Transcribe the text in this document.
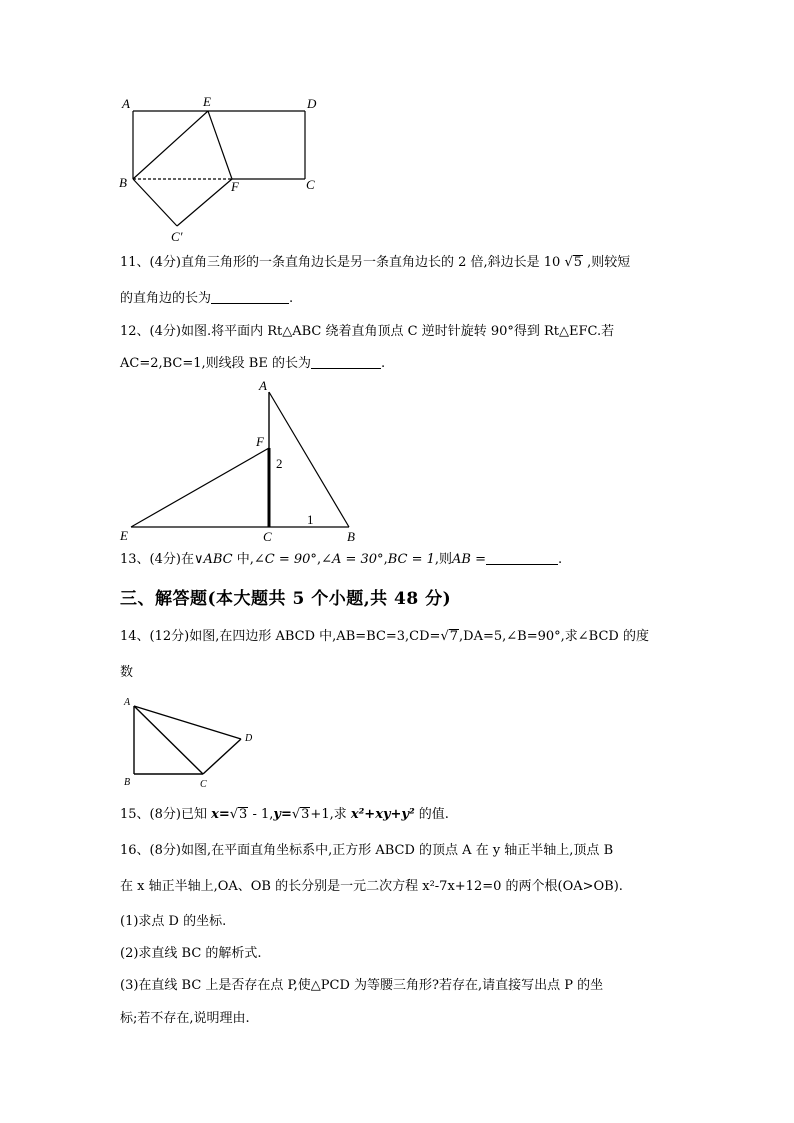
A	E	D
B	F	C
C′
11、(4分)直角三角形的一条直角边长是另一条直角边长的 2 倍,斜边长是 10 √5 ,则较短
的直角边的长为	.
12、(4分)如图.将平面内 Rt△ABC 绕着直角顶点 C 逆时针旋转 90°得到 Rt△EFC.若
AC=2,BC=1,则线段 BE 的长为	.
A
F
E	C	B
2
1
13、(4分)在∨ABC 中,∠C = 90°,∠A = 30°,BC = 1,则AB =	.
三、解答题(本大题共 5 个小题,共 48 分)
14、(12分)如图,在四边形 ABCD 中,AB=BC=3,CD=√7,DA=5,∠B=90°,求∠BCD 的度
数
A
B	C
D
15、(8分)已知 x=√3 - 1,y=√3+1,求 x²+xy+y² 的值.
16、(8分)如图,在平面直角坐标系中,正方形 ABCD 的顶点 A 在 y 轴正半轴上,顶点 B
在 x 轴正半轴上,OA、OB 的长分别是一元二次方程 x²-7x+12=0 的两个根(OA>OB).
(1)求点 D 的坐标.
(2)求直线 BC 的解析式.
(3)在直线 BC 上是否存在点 P,使△PCD 为等腰三角形?若存在,请直接写出点 P 的坐
标;若不存在,说明理由.
